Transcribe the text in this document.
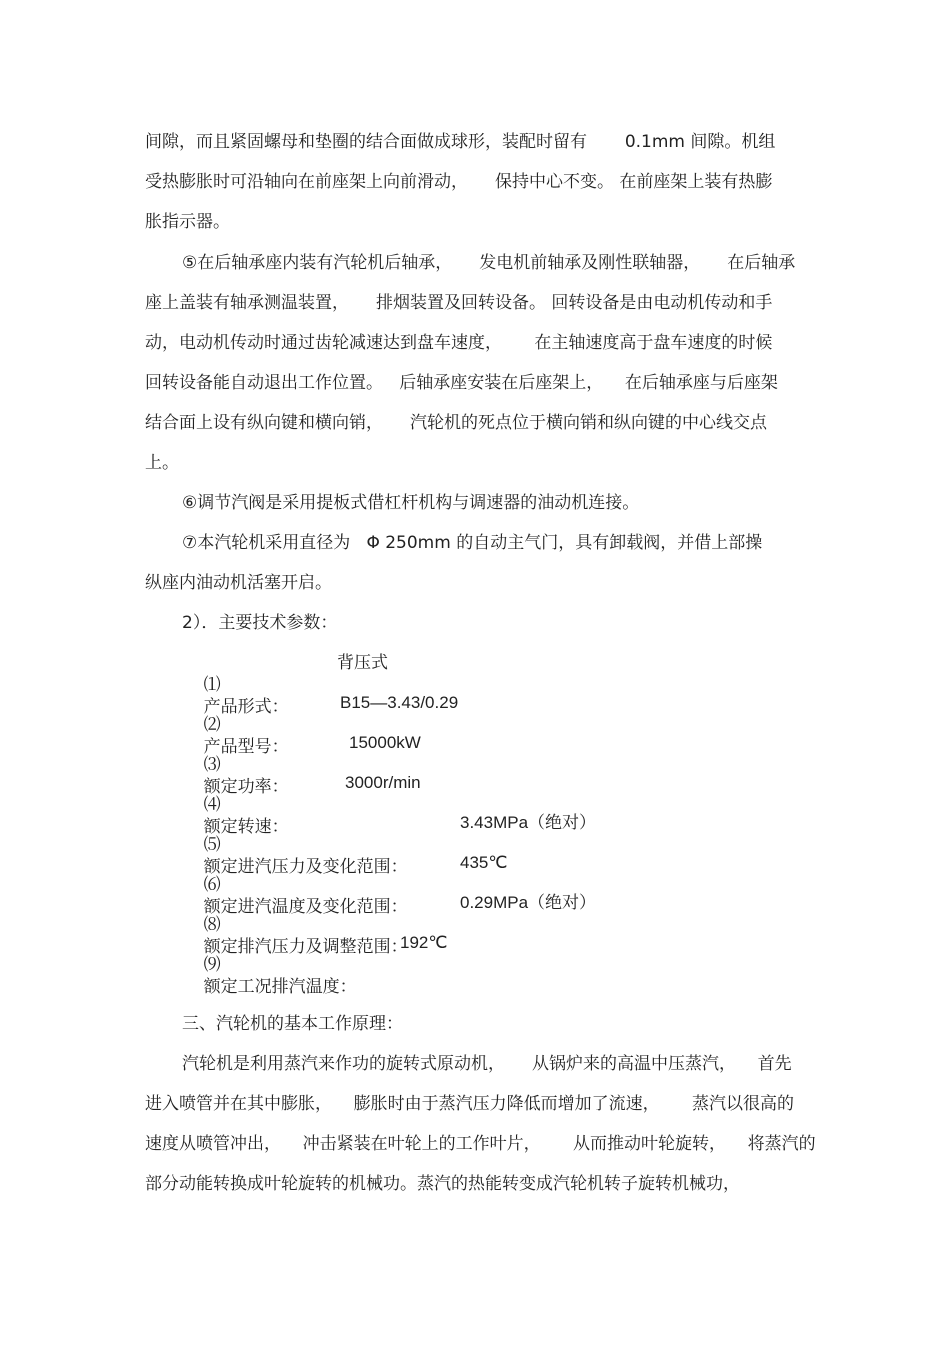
间隙，而且紧固螺母和垫圈的结合面做成球形，装配时留有       0.1mm 间隙。机组
受热膨胀时可沿轴向在前座架上向前滑动，     保持中心不变。 在前座架上装有热膨
胀指示器。
⑤在后轴承座内装有汽轮机后轴承，     发电机前轴承及刚性联轴器，     在后轴承
座上盖装有轴承测温装置，     排烟装置及回转设备。 回转设备是由电动机传动和手
动，电动机传动时通过齿轮减速达到盘车速度，      在主轴速度高于盘车速度的时候
回转设备能自动退出工作位置。   后轴承座安装在后座架上，    在后轴承座与后座架
结合面上设有纵向键和横向销，     汽轮机的死点位于横向销和纵向键的中心线交点
上。
⑥调节汽阀是采用提板式借杠杆机构与调速器的油动机连接。
⑦本汽轮机采用直径为   Φ 250mm 的自动主气门，具有卸载阀，并借上部操
纵座内油动机活塞开启。
2）．主要技术参数：

⑴
产品形式：

背压式

⑵
产品型号：

B15—3.43/0.29

⑶
额定功率：

15000kW

⑷
额定转速：

3000r/min

⑸
额定进汽压力及变化范围：

3.43MPa（绝对）

⑹
额定进汽温度及变化范围：

435℃

⑻
额定排汽压力及调整范围：

0.29MPa（绝对）

⑼
额定工况排汽温度：

192℃
三、汽轮机的基本工作原理：
汽轮机是利用蒸汽来作功的旋转式原动机，     从锅炉来的高温中压蒸汽，    首先
进入喷管并在其中膨胀，    膨胀时由于蒸汽压力降低而增加了流速，      蒸汽以很高的
速度从喷管冲出，    冲击紧装在叶轮上的工作叶片，      从而推动叶轮旋转，    将蒸汽的
部分动能转换成叶轮旋转的机械功。蒸汽的热能转变成汽轮机转子旋转机械功，
